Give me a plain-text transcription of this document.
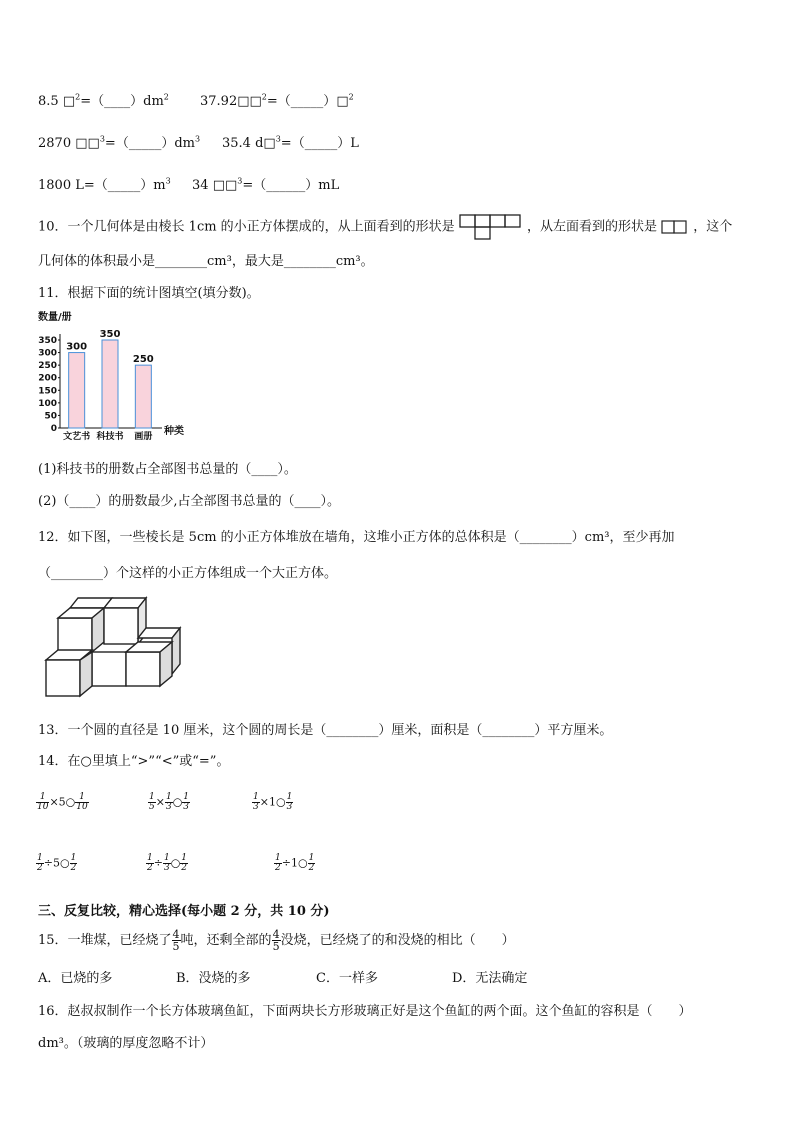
8.5 $□^2=(\_\_\_\_)dm^2$ 37.92□□$^2$=（_____）□$^2$
2870 $□□^3=(\_\_\_\_\_)dm^3$ 35.4 d□$^3$=（_____）L
1800 $L=(\_\_\_\_\_)m^3$ 34 □□$^3$=（______）mL
10．一个几何体是由棱长 1cm 的小正方体摆成的，从上面看到的形状是	，从左面看到的形状是	，这个
几何体的体积最小是________cm³，最大是________cm³。
11．根据下面的统计图填空(填分数)。
数量/册
种类
350
300
250
200
150
100
50
0
300
文艺书
350
科技书
250
画册
(1)科技书的册数占全部图书总量的（____）。
(2)（____）的册数最少,占全部图书总量的（____）。
12．如下图，一些棱长是 5cm 的小正方体堆放在墙角，这堆小正方体的总体积是（________）cm³，至少再加
（________）个这样的小正方体组成一个大正方体。
13．一个圆的直径是 10 厘米，这个圆的周长是（________）厘米，面积是（________）平方厘米。
14．在○里填上“>”“<”或“=”。
$\frac{1}{10}$ ×5○ $\frac{1}{10}$	$\frac{1}{5} \times \frac{1}{3}$ ○ $\frac{1}{3}$	$\frac{1}{3}$ ×1○ $\frac{1}{3}$
$\frac{1}{2}$ ÷5○ $\frac{1}{2}$	$\frac{1}{2} \div \frac{1}{3}$ ○ $\frac{1}{2}$	$\frac{1}{2}$ ÷1○ $\frac{1}{2}$
三、反复比较，精心选择(每小题 2 分，共 10 分)
15．一堆煤，已经烧了 $\frac{4}{5}$ 吨，还剩全部的 $\frac{4}{5}$ 没烧，已经烧了的和没烧的相比（　　）
A．已烧的多	B．没烧的多	C．一样多	D．无法确定
16．赵叔叔制作一个长方体玻璃鱼缸，下面两块长方形玻璃正好是这个鱼缸的两个面。这个鱼缸的容积是（　　）
dm³。（玻璃的厚度忽略不计）
